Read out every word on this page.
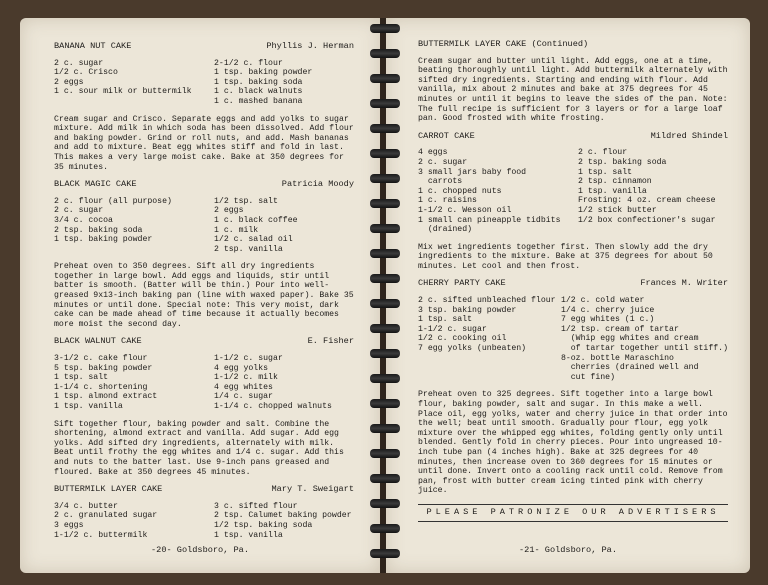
BANANA NUT CAKE	Phyllis J. Herman
2 c. sugar
1/2 c. Crisco
2 eggs
1 c. sour milk or buttermilk
2-1/2 c. flour
1 tsp. baking powder
1 tsp. baking soda
1 c. black walnuts
1 c. mashed banana
Cream sugar and Crisco. Separate eggs and add yolks to sugar mixture. Add milk in which soda has been dissolved. Add flour and baking powder. Grind or roll nuts, and add. Mash bananas and add to mixture. Beat egg whites stiff and fold in last. This makes a very large moist cake. Bake at 350 degrees for 35 minutes.
BLACK MAGIC CAKE	Patricia Moody
2 c. flour (all purpose)
2 c. sugar
3/4 c. cocoa
2 tsp. baking soda
1 tsp. baking powder
1/2 tsp. salt
2 eggs
1 c. black coffee
1 c. milk
1/2 c. salad oil
2 tsp. vanilla
Preheat oven to 350 degrees. Sift all dry ingredients together in large bowl. Add eggs and liquids, stir until batter is smooth. (Batter will be thin.) Pour into well-greased 9x13-inch baking pan (line with waxed paper). Bake 35 minutes or until done. Special note: This very moist, dark cake can be made ahead of time because it actually becomes more moist the second day.
BLACK WALNUT CAKE	E. Fisher
3-1/2 c. cake flour
5 tsp. baking powder
1 tsp. salt
1-1/4 c. shortening
1 tsp. almond extract
1 tsp. vanilla
1-1/2 c. sugar
4 egg yolks
1-1/2 c. milk
4 egg whites
1/4 c. sugar
1-1/4 c. chopped walnuts
Sift together flour, baking powder and salt. Combine the shortening, almond extract and vanilla. Add sugar. Add egg yolks. Add sifted dry ingredients, alternately with milk. Beat until frothy the egg whites and 1/4 c. sugar. Add this and nuts to the batter last. Use 9-inch pans greased and floured. Bake at 350 degrees 45 minutes.
BUTTERMILK LAYER CAKE	Mary T. Sweigart
3/4 c. butter
2 c. granulated sugar
3 eggs
1-1/2 c. buttermilk
3 c. sifted flour
2 tsp. Calumet baking powder
1/2 tsp. baking soda
1 tsp. vanilla
-20- Goldsboro, Pa.
BUTTERMILK LAYER CAKE (Continued)
Cream sugar and butter until light. Add eggs, one at a time, beating thoroughly until light. Add buttermilk alternately with sifted dry ingredients. Starting and ending with flour. Add vanilla, mix about 2 minutes and bake at 375 degrees for 45 minutes or until it begins to leave the sides of the pan. Note: The full recipe is sufficient for 3 layers or for a large loaf pan. Good frosted with white frosting.
CARROT CAKE	Mildred Shindel
4 eggs
2 c. sugar
3 small jars baby food
carrots
1 c. chopped nuts
1 c. raisins
1-1/2 c. Wesson oil
1 small can pineapple tidbits
(drained)
2 c. flour
2 tsp. baking soda
1 tsp. salt
2 tsp. cinnamon
1 tsp. vanilla
Frosting: 4 oz. cream cheese
1/2 stick butter
1/2 box confectioner's sugar
Mix wet ingredients together first. Then slowly add the dry ingredients to the mixture. Bake at 375 degrees for about 50 minutes. Let cool and then frost.
CHERRY PARTY CAKE	Frances M. Writer
2 c. sifted unbleached flour
3 tsp. baking powder
1 tsp. salt
1-1/2 c. sugar
1/2 c. cooking oil
7 egg yolks (unbeaten)
1/2 c. cold water
1/4 c. cherry juice
7 egg whites (1 c.)
1/2 tsp. cream of tartar
(Whip egg whites and cream
of tartar together until stiff.)
8-oz. bottle Maraschino
cherries (drained well and
cut fine)
Preheat oven to 325 degrees. Sift together into a large bowl flour, baking powder, salt and sugar. In this make a well. Place oil, egg yolks, water and cherry juice in that order into the well; beat until smooth. Gradually pour flour, egg yolk mixture over the whipped egg whites, folding gently only until blended. Gently fold in cherry pieces. Pour into ungreased 10-inch tube pan (4 inches high). Bake at 325 degrees for 40 minutes, then increase oven to 360 degrees for 15 minutes or until done. Invert onto a cooling rack until cold. Remove from pan, frost with butter cream icing tinted pink with cherry juice.
PLEASE PATRONIZE OUR ADVERTISERS
-21- Goldsboro, Pa.
